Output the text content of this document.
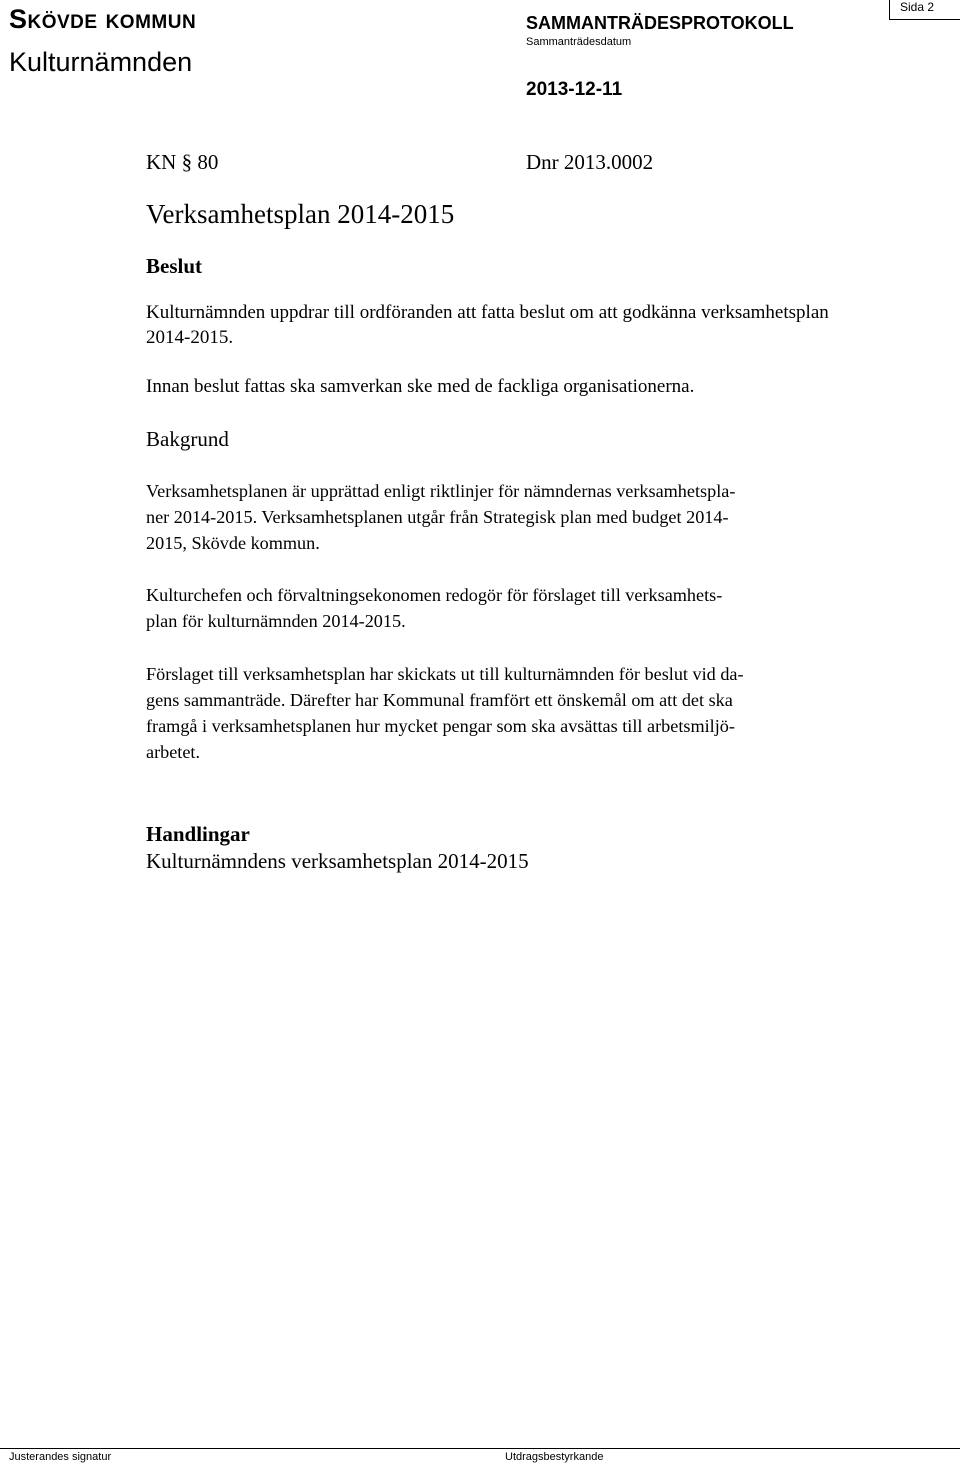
Sida 2
Skövde kommun
Kulturnämnden
SAMMANTRÄDESPROTOKOLL
Sammanträdesdatum
2013-12-11
KN § 80	Dnr 2013.0002
Verksamhetsplan 2014-2015
Beslut
Kulturnämnden uppdrar till ordföranden att fatta beslut om att godkänna verksamhetsplan
2014-2015.
Innan beslut fattas ska samverkan ske med de fackliga organisationerna.
Bakgrund
Verksamhetsplanen är upprättad enligt riktlinjer för nämndernas verksamhetspla-
ner 2014-2015. Verksamhetsplanen utgår från Strategisk plan med budget 2014-
2015, Skövde kommun.
Kulturchefen och förvaltningsekonomen redogör för förslaget till verksamhets-
plan för kulturnämnden 2014-2015.
Förslaget till verksamhetsplan har skickats ut till kulturnämnden för beslut vid da-
gens sammanträde. Därefter har Kommunal framfört ett önskemål om att det ska
framgå i verksamhetsplanen hur mycket pengar som ska avsättas till arbetsmiljö-
arbetet.
Handlingar
Kulturnämndens verksamhetsplan 2014-2015
Justerandes signatur	Utdragsbestyrkande
